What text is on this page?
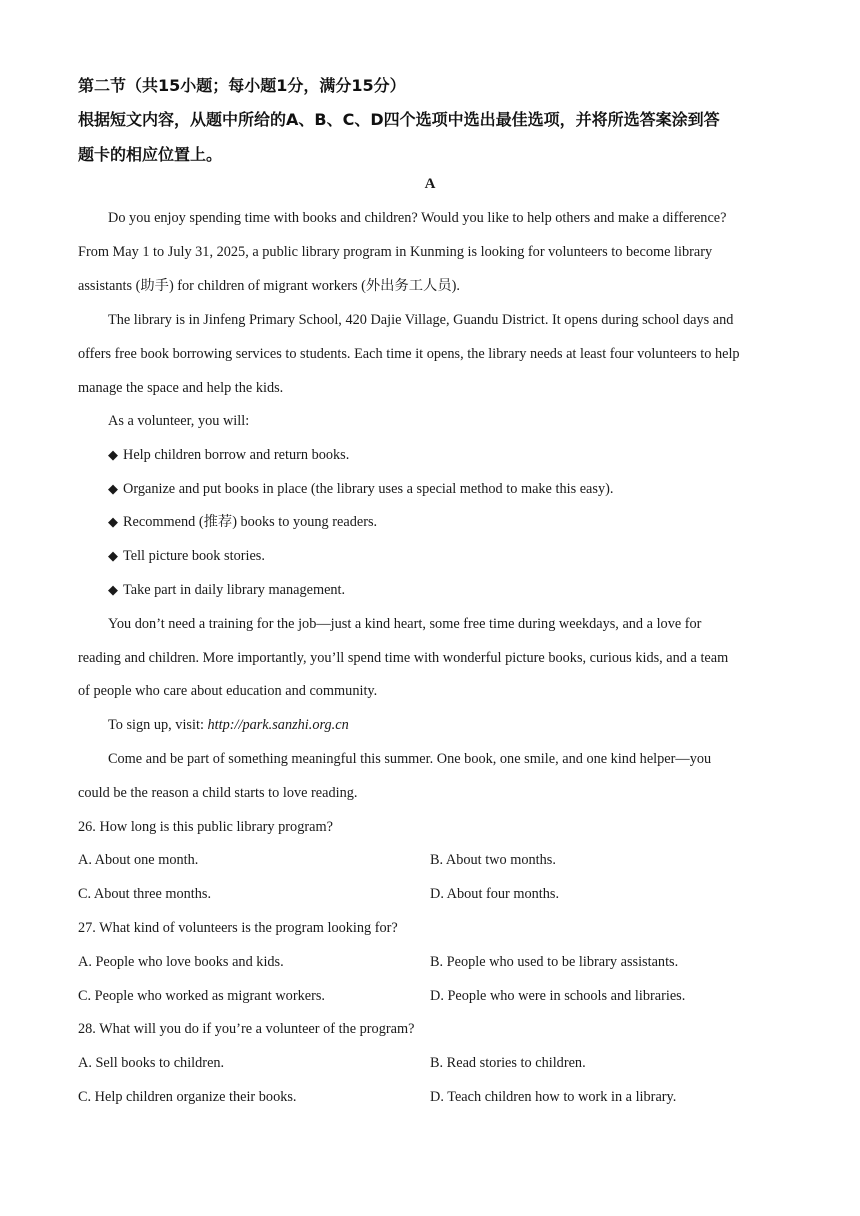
第二节（共15小题；每小题1分，满分15分）
根据短文内容，从题中所给的A、B、C、D四个选项中选出最佳选项，并将所选答案涂到答
题卡的相应位置上。
A
Do you enjoy spending time with books and children? Would you like to help others and make a difference?
From May 1 to July 31, 2025, a public library program in Kunming is looking for volunteers to become library
assistants (助手) for children of migrant workers (外出务工人员).
The library is in Jinfeng Primary School, 420 Dajie Village, Guandu District. It opens during school days and
offers free book borrowing services to students. Each time it opens, the library needs at least four volunteers to help
manage the space and help the kids.
As a volunteer, you will:
◆ Help children borrow and return books.
◆ Organize and put books in place (the library uses a special method to make this easy).
◆ Recommend (推荐) books to young readers.
◆ Tell picture book stories.
◆ Take part in daily library management.
You don’t need a training for the job—just a kind heart, some free time during weekdays, and a love for
reading and children. More importantly, you’ll spend time with wonderful picture books, curious kids, and a team
of people who care about education and community.
To sign up, visit: http://park.sanzhi.org.cn
Come and be part of something meaningful this summer. One book, one smile, and one kind helper—you
could be the reason a child starts to love reading.
26. How long is this public library program?
A. About one month.	B. About two months.
C. About three months.	D. About four months.
27. What kind of volunteers is the program looking for?
A. People who love books and kids.	B. People who used to be library assistants.
C. People who worked as migrant workers.	D. People who were in schools and libraries.
28. What will you do if you’re a volunteer of the program?
A. Sell books to children.	B. Read stories to children.
C. Help children organize their books.	D. Teach children how to work in a library.
